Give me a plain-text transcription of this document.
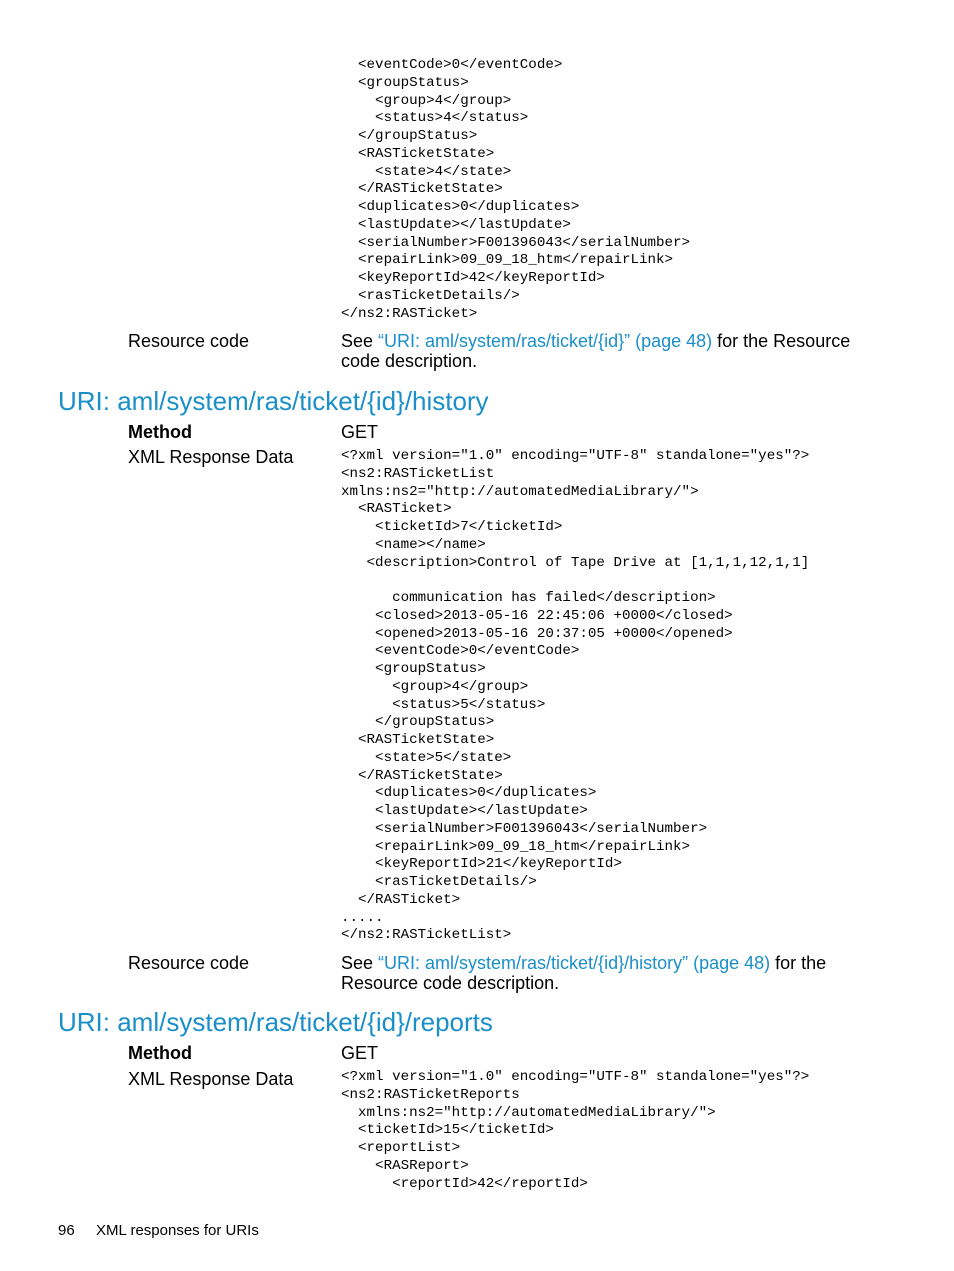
<eventCode>0</eventCode>
<groupStatus>
<group>4</group>
<status>4</status>
</groupStatus>
<RASTicketState>
<state>4</state>
</RASTicketState>
<duplicates>0</duplicates>
<lastUpdate></lastUpdate>
<serialNumber>F001396043</serialNumber>
<repairLink>09_09_18_htm</repairLink>
<keyReportId>42</keyReportId>
<rasTicketDetails/>
</ns2:RASTicket>
Resource code	See “URI: aml/system/ras/ticket/{id}” (page 48) for the Resource
code description.
URI: aml/system/ras/ticket/{id}/history
Method	GET
XML Response Data	<?xml version="1.0" encoding="UTF-8" standalone="yes"?>
<ns2:RASTicketList
xmlns:ns2="http://automatedMediaLibrary/">
<RASTicket>
<ticketId>7</ticketId>
<name></name>
<description>Control of Tape Drive at [1,1,1,12,1,1]

communication has failed</description>
<closed>2013-05-16 22:45:06 +0000</closed>
<opened>2013-05-16 20:37:05 +0000</opened>
<eventCode>0</eventCode>
<groupStatus>
<group>4</group>
<status>5</status>
</groupStatus>
<RASTicketState>
<state>5</state>
</RASTicketState>
<duplicates>0</duplicates>
<lastUpdate></lastUpdate>
<serialNumber>F001396043</serialNumber>
<repairLink>09_09_18_htm</repairLink>
<keyReportId>21</keyReportId>
<rasTicketDetails/>
</RASTicket>
.....
</ns2:RASTicketList>
Resource code	See “URI: aml/system/ras/ticket/{id}/history” (page 48) for the
Resource code description.
URI: aml/system/ras/ticket/{id}/reports
Method	GET
XML Response Data	<?xml version="1.0" encoding="UTF-8" standalone="yes"?>
<ns2:RASTicketReports
xmlns:ns2="http://automatedMediaLibrary/">
<ticketId>15</ticketId>
<reportList>
<RASReport>
<reportId>42</reportId>
96 XML responses for URIs
